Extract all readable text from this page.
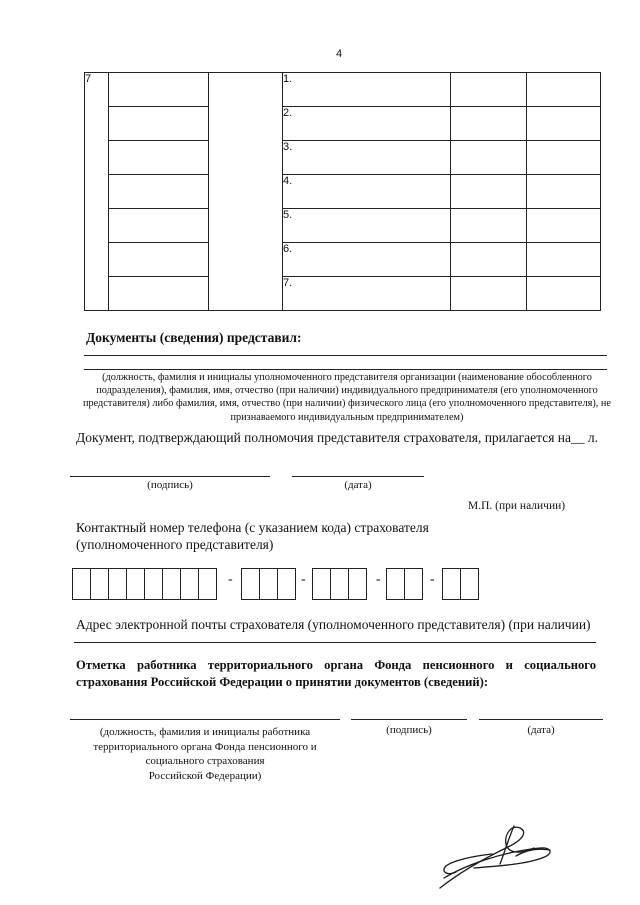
4
7			1.		
			2.		
			3.		
			4.		
			5.		
			6.		
			7.		
Документы (сведения) представил:
(должность, фамилия и инициалы уполномоченного представителя организации (наименование обособленного подразделения), фамилия, имя, отчество (при наличии) индивидуального предпринимателя (его уполномоченного представителя) либо фамилия, имя, отчество (при наличии) физического лица (его уполномоченного представителя), не признаваемого индивидуальным предпринимателем)
Документ, подтверждающий полномочия представителя страхователя, прилагается на__ л.
(подпись)	(дата)
М.П. (при наличии)
Контактный номер телефона (с указанием кода) страхователя
(уполномоченного представителя)
-	-	-	-
Адрес электронной почты страхователя (уполномоченного представителя) (при наличии)
Отметка работника территориального органа Фонда пенсионного и социального
страхования Российской Федерации о принятии документов (сведений):
(должность, фамилия и инициалы работника
территориального органа Фонда пенсионного и
социального страхования
Российской Федерации)
(подпись)	(дата)
